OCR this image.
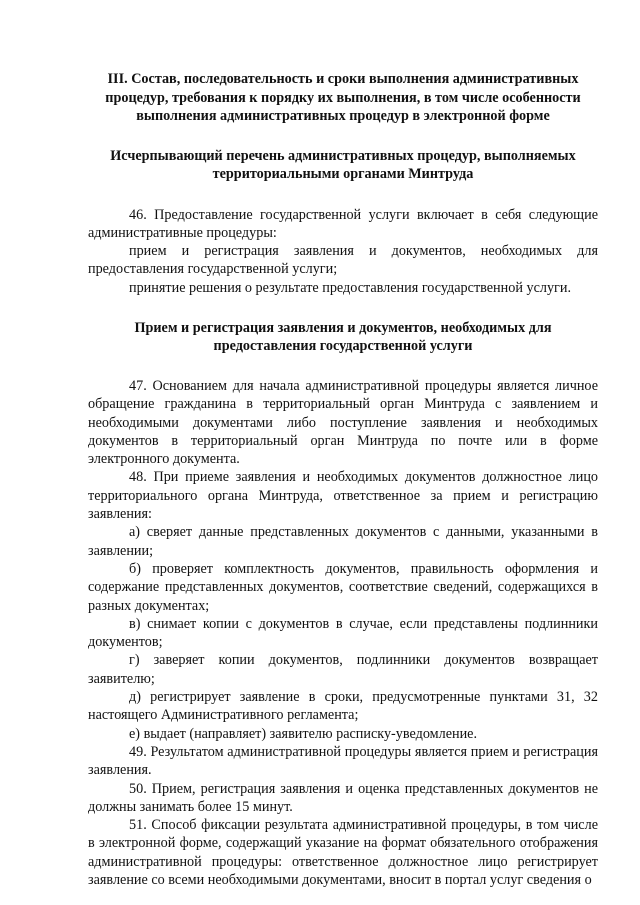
III. Состав, последовательность и сроки выполнения административных процедур, требования к порядку их выполнения, в том числе особенности выполнения административных процедур в электронной форме

Исчерпывающий перечень административных процедур, выполняемых территориальными органами Минтруда

46. Предоставление государственной услуги включает в себя следующие административные процедуры:

прием и регистрация заявления и документов, необходимых для предоставления государственной услуги;

принятие решения о результате предоставления государственной услуги.

Прием и регистрация заявления и документов, необходимых для предоставления государственной услуги

47. Основанием для начала административной процедуры является личное обращение гражданина в территориальный орган Минтруда с заявлением и необходимыми документами либо поступление заявления и необходимых документов в территориальный орган Минтруда по почте или в форме электронного документа.

48. При приеме заявления и необходимых документов должностное лицо территориального органа Минтруда, ответственное за прием и регистрацию заявления:

а) сверяет данные представленных документов с данными, указанными в заявлении;

б) проверяет комплектность документов, правильность оформления и содержание представленных документов, соответствие сведений, содержащихся в разных документах;

в) снимает копии с документов в случае, если представлены подлинники документов;

г) заверяет копии документов, подлинники документов возвращает заявителю;

д) регистрирует заявление в сроки, предусмотренные пунктами 31, 32 настоящего Административного регламента;

е) выдает (направляет) заявителю расписку-уведомление.

49. Результатом административной процедуры является прием и регистрация заявления.

50. Прием, регистрация заявления и оценка представленных документов не должны занимать более 15 минут.

51. Способ фиксации результата административной процедуры, в том числе в электронной форме, содержащий указание на формат обязательного отображения административной процедуры: ответственное должностное лицо регистрирует заявление со всеми необходимыми документами, вносит в портал услуг сведения о
